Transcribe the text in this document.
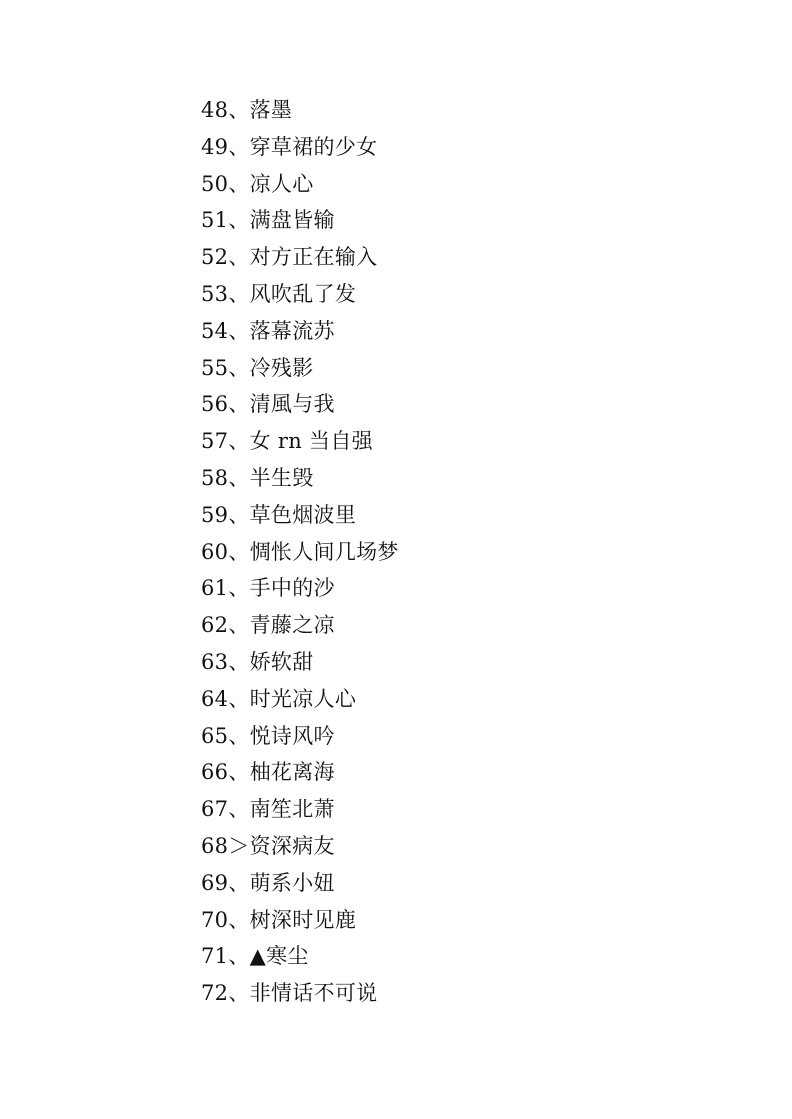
48、落墨
49、穿草裙的少女
50、凉人心
51、满盘皆输
52、对方正在输入
53、风吹乱了发
54、落幕流苏
55、冷残影
56、清風与我
57、女 rn 当自强
58、半生毁
59、草色烟波里
60、惆怅人间几场梦
61、手中的沙
62、青藤之凉
63、娇软甜
64、时光凉人心
65、悦诗风吟
66、柚花离海
67、南笙北萧
68＞资深病友
69、萌系小妞
70、树深时见鹿
71、▲寒尘
72、非情话不可说
